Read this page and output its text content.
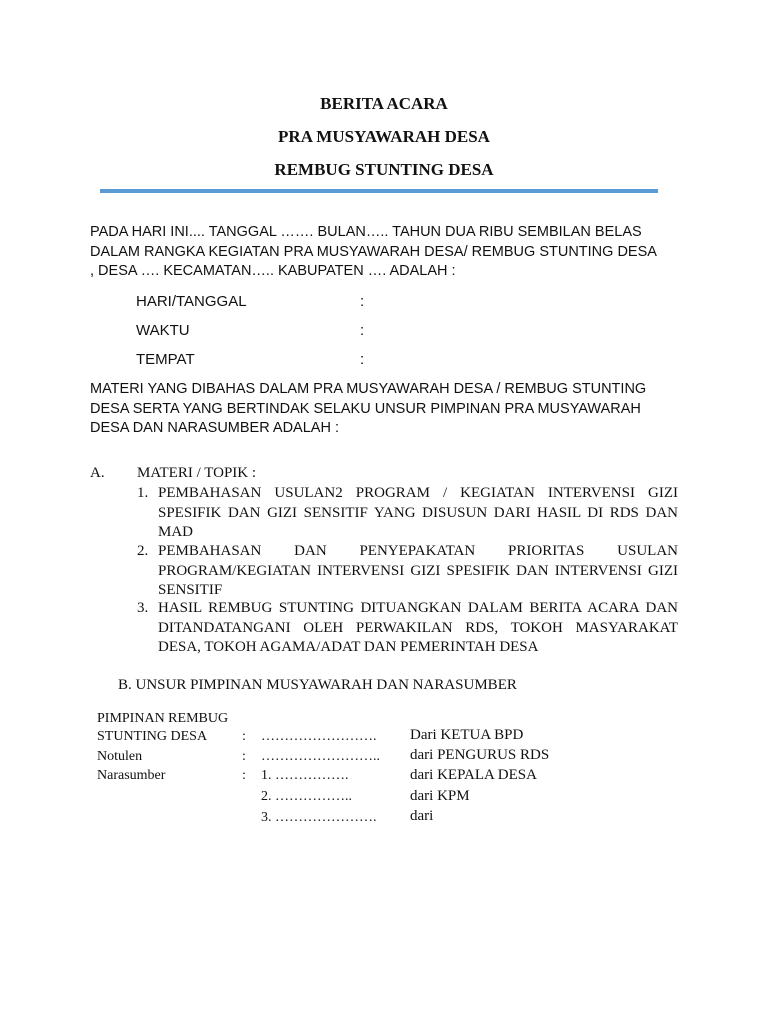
BERITA ACARA
PRA MUSYAWARAH DESA
REMBUG STUNTING DESA
PADA HARI INI.... TANGGAL ……. BULAN….. TAHUN DUA RIBU SEMBILAN BELAS
DALAM RANGKA KEGIATAN PRA MUSYAWARAH DESA/ REMBUG STUNTING DESA
, DESA …. KECAMATAN….. KABUPATEN …. ADALAH :
HARI/TANGGAL	:
WAKTU	:
TEMPAT	:
MATERI YANG DIBAHAS DALAM PRA MUSYAWARAH DESA / REMBUG STUNTING
DESA SERTA YANG BERTINDAK SELAKU UNSUR PIMPINAN PRA MUSYAWARAH
DESA DAN NARASUMBER ADALAH :
A. MATERI / TOPIK :
1. PEMBAHASAN USULAN2 PROGRAM / KEGIATAN INTERVENSI GIZI SPESIFIK DAN GIZI SENSITIF YANG DISUSUN DARI HASIL DI RDS DAN MAD
2. PEMBAHASAN DAN PENYEPAKATAN PRIORITAS USULAN PROGRAM/KEGIATAN INTERVENSI GIZI SPESIFIK DAN INTERVENSI GIZI SENSITIF
3. HASIL REMBUG STUNTING DITUANGKAN DALAM BERITA ACARA DAN DITANDATANGANI OLEH PERWAKILAN RDS, TOKOH MASYARAKAT DESA, TOKOH AGAMA/ADAT DAN PEMERINTAH DESA
B. UNSUR PIMPINAN MUSYAWARAH DAN NARASUMBER
PIMPINAN REMBUG
STUNTING DESA : ……………………. Dari KETUA BPD
Notulen	: …………………….. dari PENGURUS RDS
Narasumber	: 1. …………….	dari KEPALA DESA
2. ……………..	dari KPM
3. …………………. dari
